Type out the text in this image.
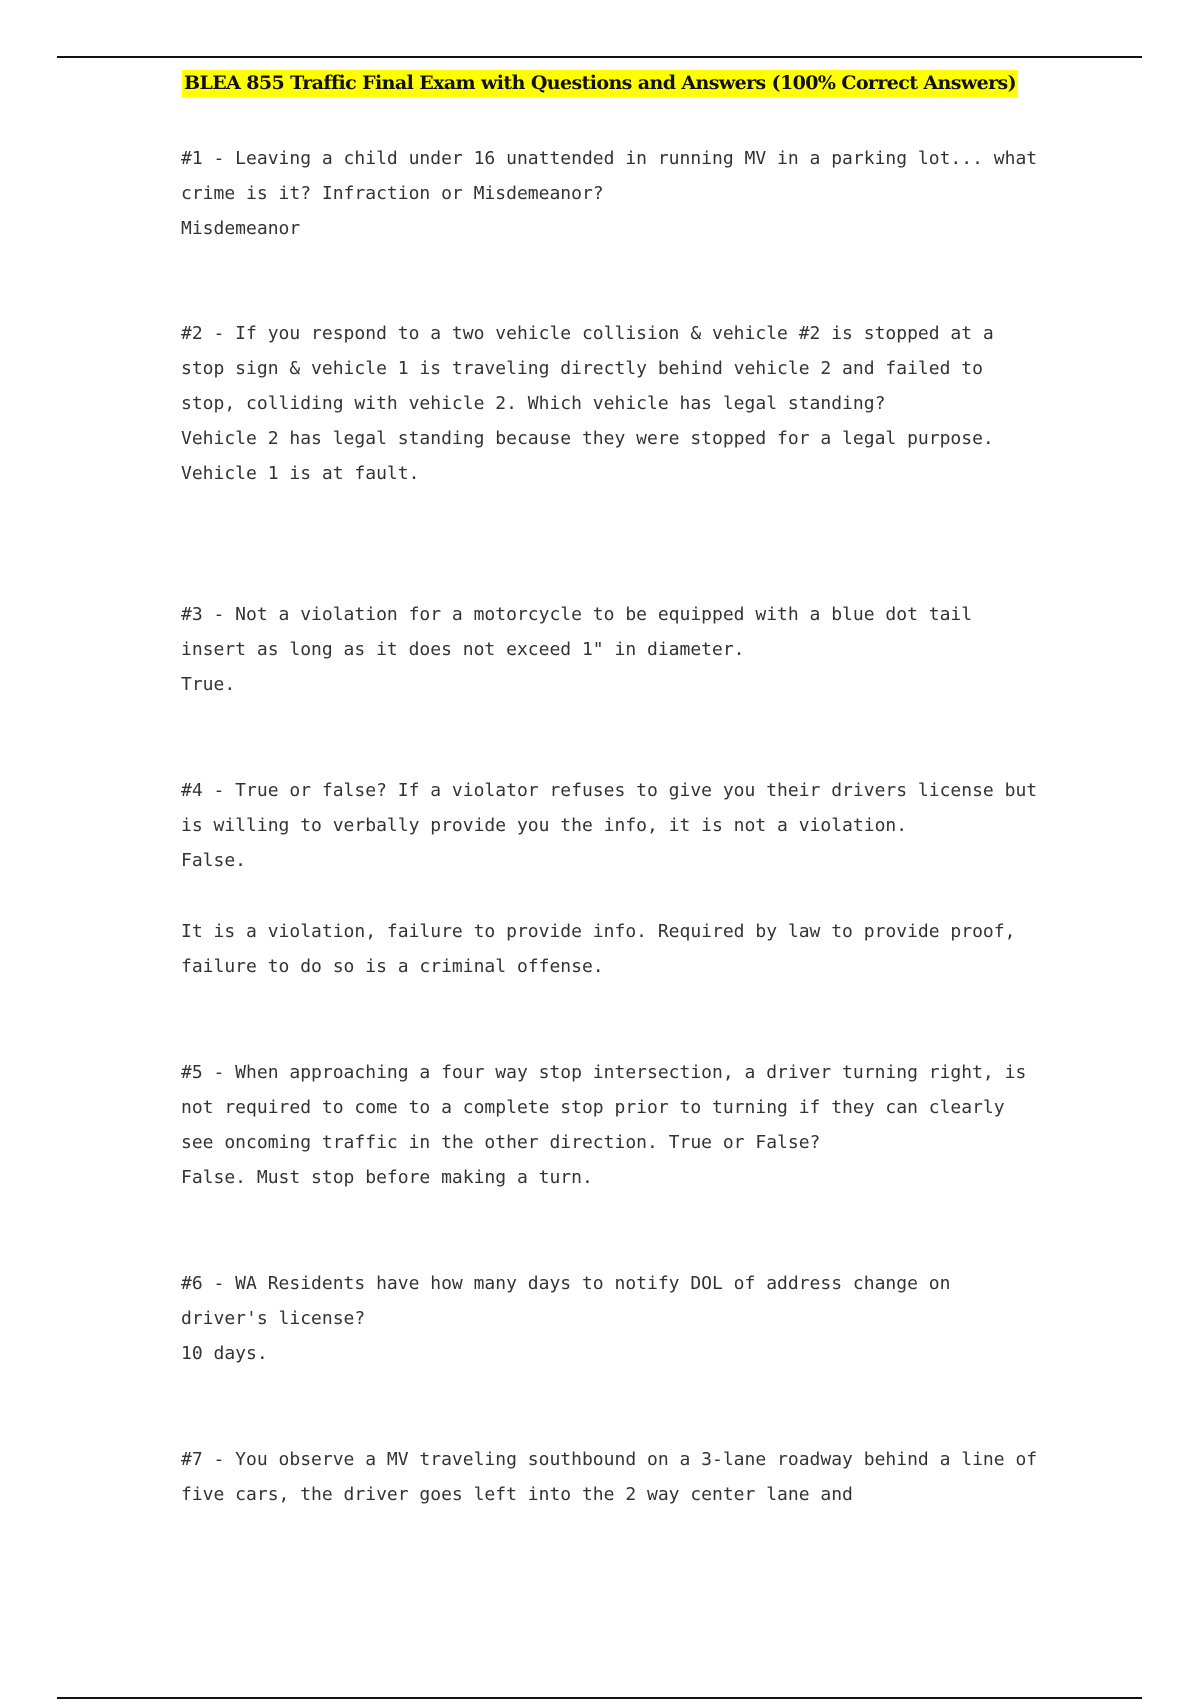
BLEA 855 Traffic Final Exam with Questions and Answers (100% Correct Answers)

#1 - Leaving a child under 16 unattended in running MV in a parking lot... what crime is it? Infraction or Misdemeanor?

Misdemeanor

#2 - If you respond to a two vehicle collision & vehicle #2 is stopped at a stop sign & vehicle 1 is traveling directly behind vehicle 2 and failed to stop, colliding with vehicle 2. Which vehicle has legal standing?

Vehicle 2 has legal standing because they were stopped for a legal purpose. Vehicle 1 is at fault.

#3 - Not a violation for a motorcycle to be equipped with a blue dot tail insert as long as it does not exceed 1" in diameter.

True.

#4 - True or false? If a violator refuses to give you their drivers license but is willing to verbally provide you the info, it is not a violation.

False.

It is a violation, failure to provide info. Required by law to provide proof, failure to do so is a criminal offense.

#5 - When approaching a four way stop intersection, a driver turning right, is not required to come to a complete stop prior to turning if they can clearly see oncoming traffic in the other direction. True or False?

False. Must stop before making a turn.

#6 - WA Residents have how many days to notify DOL of address change on driver's license?

10 days.

#7 - You observe a MV traveling southbound on a 3-lane roadway behind a line of five cars, the driver goes left into the 2 way center lane and
